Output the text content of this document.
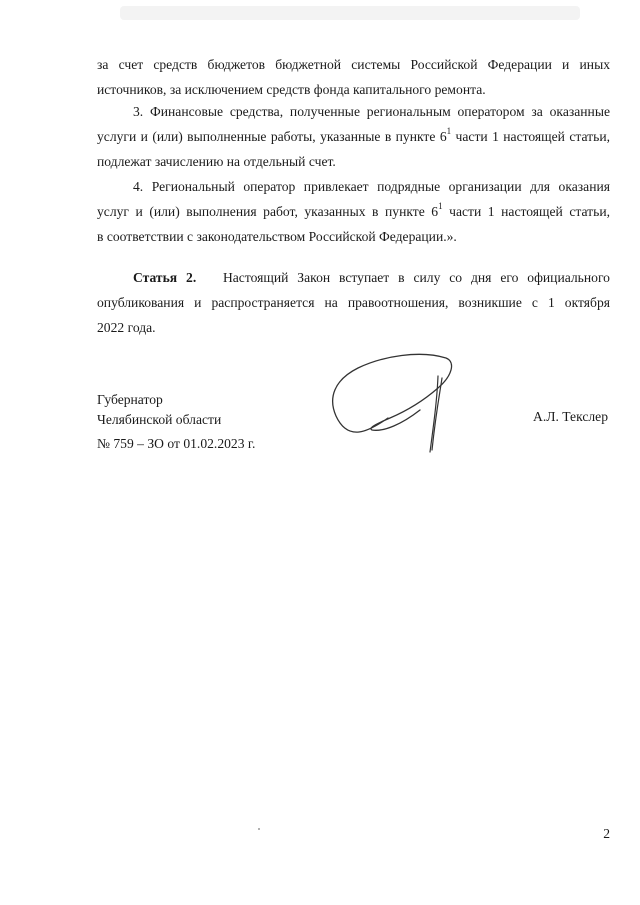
за счет средств бюджетов бюджетной системы Российской Федерации и иных
источников, за исключением средств фонда капитального ремонта.
3. Финансовые средства, полученные региональным оператором за оказанные
услуги и (или) выполненные работы, указанные в пункте $6^1$ части 1 настоящей статьи,
подлежат зачислению на отдельный счет.
4. Региональный оператор привлекает подрядные организации для оказания
услуг и (или) выполнения работ, указанных в пункте $6^1$ части 1 настоящей статьи,
в соответствии с законодательством Российской Федерации.».
Статья 2. Настоящий Закон вступает в силу со дня его официального
опубликования и распространяется на правоотношения, возникшие с 1 октября
2022 года.
Губернатор
Челябинской области	А.Л. Текслер
№ 759 – ЗО от 01.02.2023 г.
2
